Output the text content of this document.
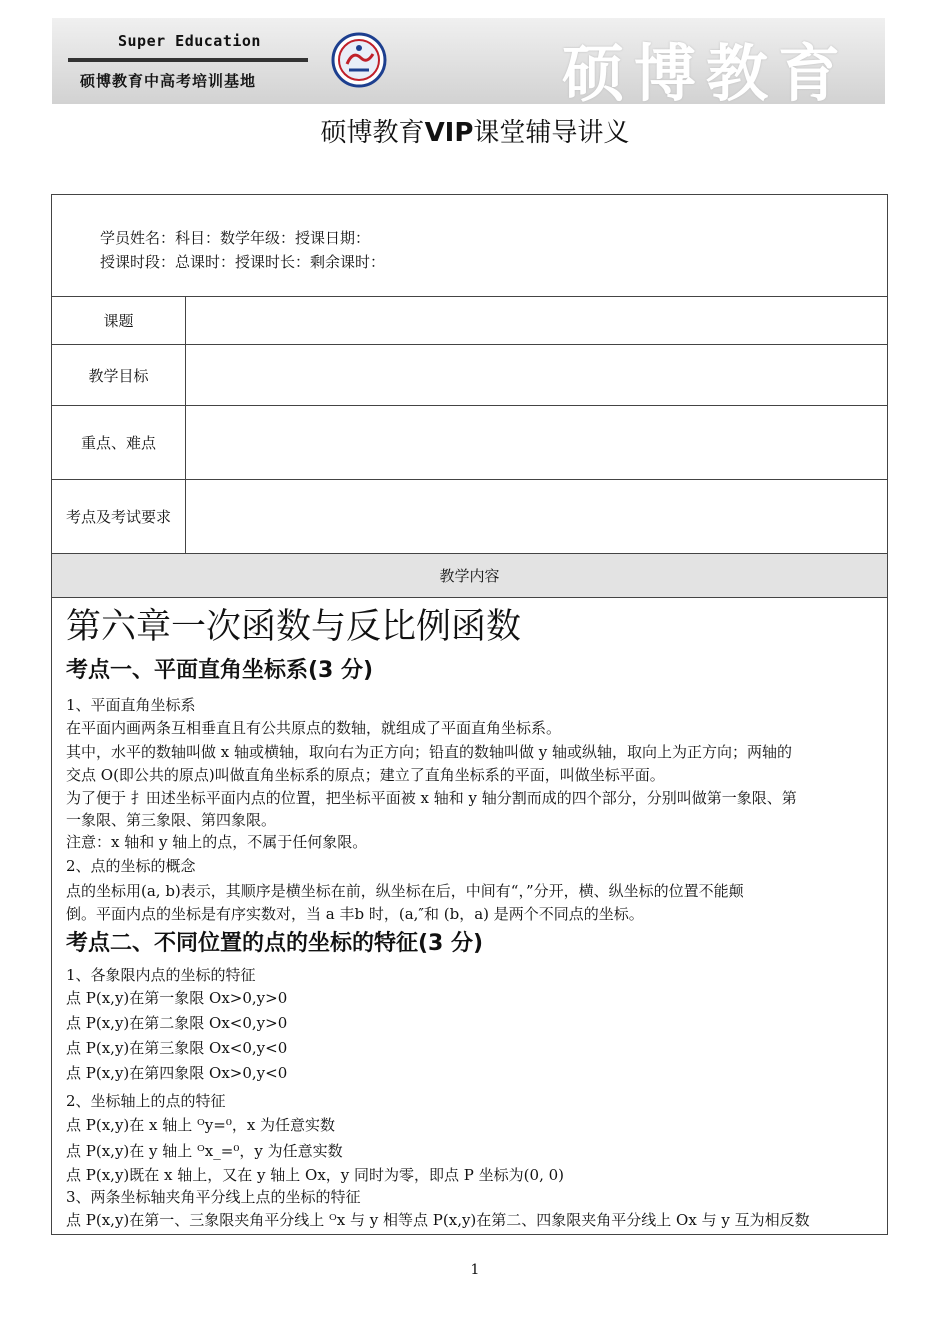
Super Education
硕博教育中高考培训基地	硕博教育
硕博教育VIP课堂辅导讲义
学员姓名：科目：数学年级：授课日期：
授课时段：总课时：授课时长：剩余课时：
课题
教学目标
重点、难点
考点及考试要求
教学内容
第六章一次函数与反比例函数
考点一、平面直角坐标系(3 分)
1、平面直角坐标系
在平面内画两条互相垂直且有公共原点的数轴，就组成了平面直角坐标系。
其中，水平的数轴叫做 x 轴或横轴，取向右为正方向；铅直的数轴叫做 y 轴或纵轴，取向上为正方向；两轴的
交点 O(即公共的原点)叫做直角坐标系的原点；建立了直角坐标系的平面，叫做坐标平面。
为了便于 扌田述坐标平面内点的位置，把坐标平面被 x 轴和 y 轴分割而成的四个部分，分别叫做第一象限、第
一象限、第三象限、第四象限。
注意：x 轴和 y 轴上的点，不属于任何象限。
2、点的坐标的概念
点的坐标用(a, b)表示，其顺序是横坐标在前，纵坐标在后，中间有“，”分开，横、纵坐标的位置不能颠
倒。平面内点的坐标是有序实数对，当 a 丰b 时，(a,″和 (b，a) 是两个不同点的坐标。
考点二、不同位置的点的坐标的特征(3 分)
1、各象限内点的坐标的特征
点 P(x,y)在第一象限 Ox>0,y>0
点 P(x,y)在第二象限 Ox<0,y>0
点 P(x,y)在第三象限 Ox<0,y<0
点 P(x,y)在第四象限 Ox>0,y<0
2、坐标轴上的点的特征
点 P(x,y)在 x 轴上 ᴼy=⁰，x 为任意实数
点 P(x,y)在 y 轴上 ᴼx_=⁰，y 为任意实数
点 P(x,y)既在 x 轴上，又在 y 轴上 Ox，y 同时为零，即点 P 坐标为(0, 0)
3、两条坐标轴夹角平分线上点的坐标的特征
点 P(x,y)在第一、三象限夹角平分线上 ᴼx 与 y 相等点 P(x,y)在第二、四象限夹角平分线上 Ox 与 y 互为相反数
1
